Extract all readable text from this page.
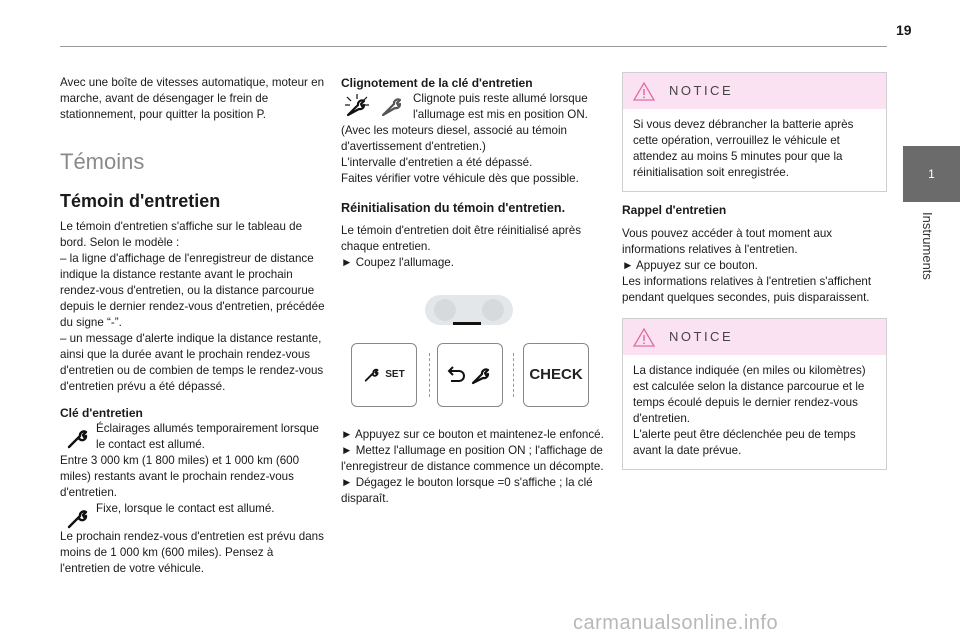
19
1
Instruments

Avec une boîte de vitesses automatique, moteur en marche, avant de désengager le frein de stationnement, pour quitter la position P.

Témoins

Témoin d'entretien

Le témoin d'entretien s'affiche sur le tableau de bord. Selon le modèle :

– la ligne d'affichage de l'enregistreur de distance indique la distance restante avant le prochain rendez-vous d'entretien, ou la distance parcourue depuis le dernier rendez-vous d'entretien, précédée du signe “-”.

– un message d'alerte indique la distance restante, ainsi que la durée avant le prochain rendez-vous d'entretien ou de combien de temps le rendez-vous d'entretien prévu a été dépassé.

Clé d'entretien

Éclairages allumés temporairement lorsque le contact est allumé.

Entre 3 000 km (1 800 miles) et 1 000 km (600 miles) restants avant le prochain rendez-vous d'entretien.

Fixe, lorsque le contact est allumé.

Le prochain rendez-vous d'entretien est prévu dans moins de 1 000 km (600 miles). Pensez à l'entretien de votre véhicule.

Clignotement de la clé d'entretien

Clignote puis reste allumé lorsque l'allumage est mis en position ON.

(Avec les moteurs diesel, associé au témoin d'avertissement d'entretien.)

L'intervalle d'entretien a été dépassé.

Faites vérifier votre véhicule dès que possible.

Réinitialisation du témoin d'entretien.

Le témoin d'entretien doit être réinitialisé après chaque entretien.

► Coupez l'allumage.

SET	CHECK

► Appuyez sur ce bouton et maintenez-le enfoncé.

► Mettez l'allumage en position ON ; l'affichage de l'enregistreur de distance commence un décompte.

► Dégagez le bouton lorsque =0 s'affiche ; la clé disparaît.

NOTICE

Si vous devez débrancher la batterie après cette opération, verrouillez le véhicule et attendez au moins 5 minutes pour que la réinitialisation soit enregistrée.

Rappel d'entretien

Vous pouvez accéder à tout moment aux informations relatives à l'entretien.

► Appuyez sur ce bouton.

Les informations relatives à l'entretien s'affichent pendant quelques secondes, puis disparaissent.

NOTICE

La distance indiquée (en miles ou kilomètres) est calculée selon la distance parcourue et le temps écoulé depuis le dernier rendez-vous d'entretien.

L'alerte peut être déclenchée peu de temps avant la date prévue.

carmanualsonline.info
